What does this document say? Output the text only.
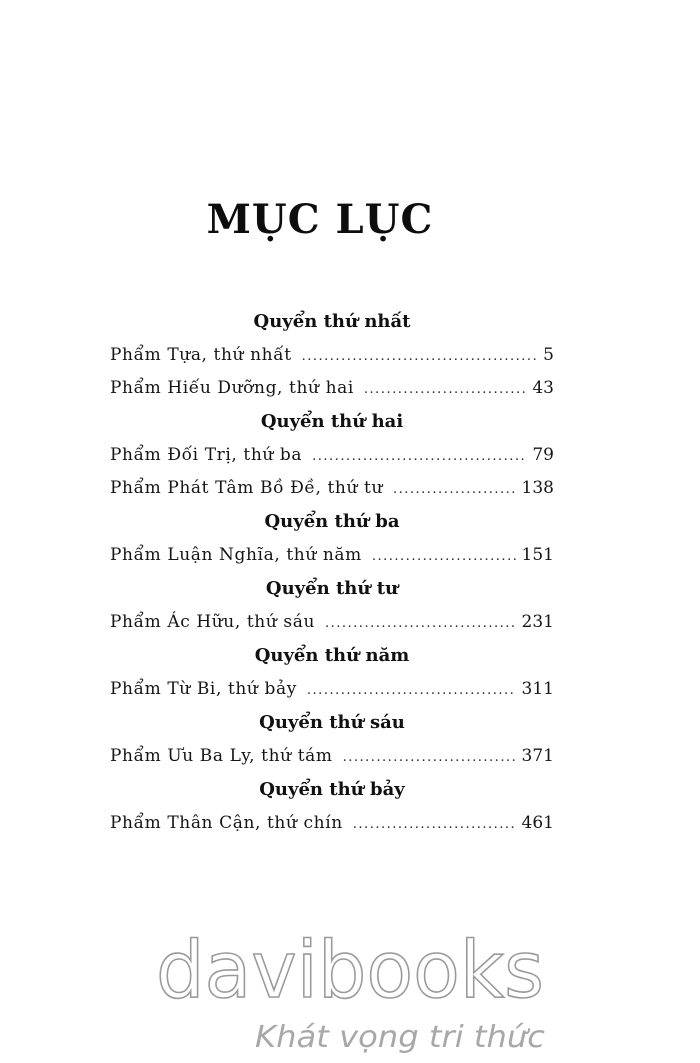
MỤC LỤC
Quyển thứ nhất
Phẩm Tựa, thứ nhất .....	5
Phẩm Hiếu Dưỡng, thứ hai .....	43
Quyển thứ hai
Phẩm Đối Trị, thứ ba .....	79
Phẩm Phát Tâm Bồ Đề, thứ tư .....	138
Quyển thứ ba
Phẩm Luận Nghĩa, thứ năm .....	151
Quyển thứ tư
Phẩm Ác Hữu, thứ sáu .....	231
Quyển thứ năm
Phẩm Từ Bi, thứ bảy .....	311
Quyển thứ sáu
Phẩm Ưu Ba Ly, thứ tám .....	371
Quyển thứ bảy
Phẩm Thân Cận, thứ chín .....	461
davibooks
Khát vọng tri thức
